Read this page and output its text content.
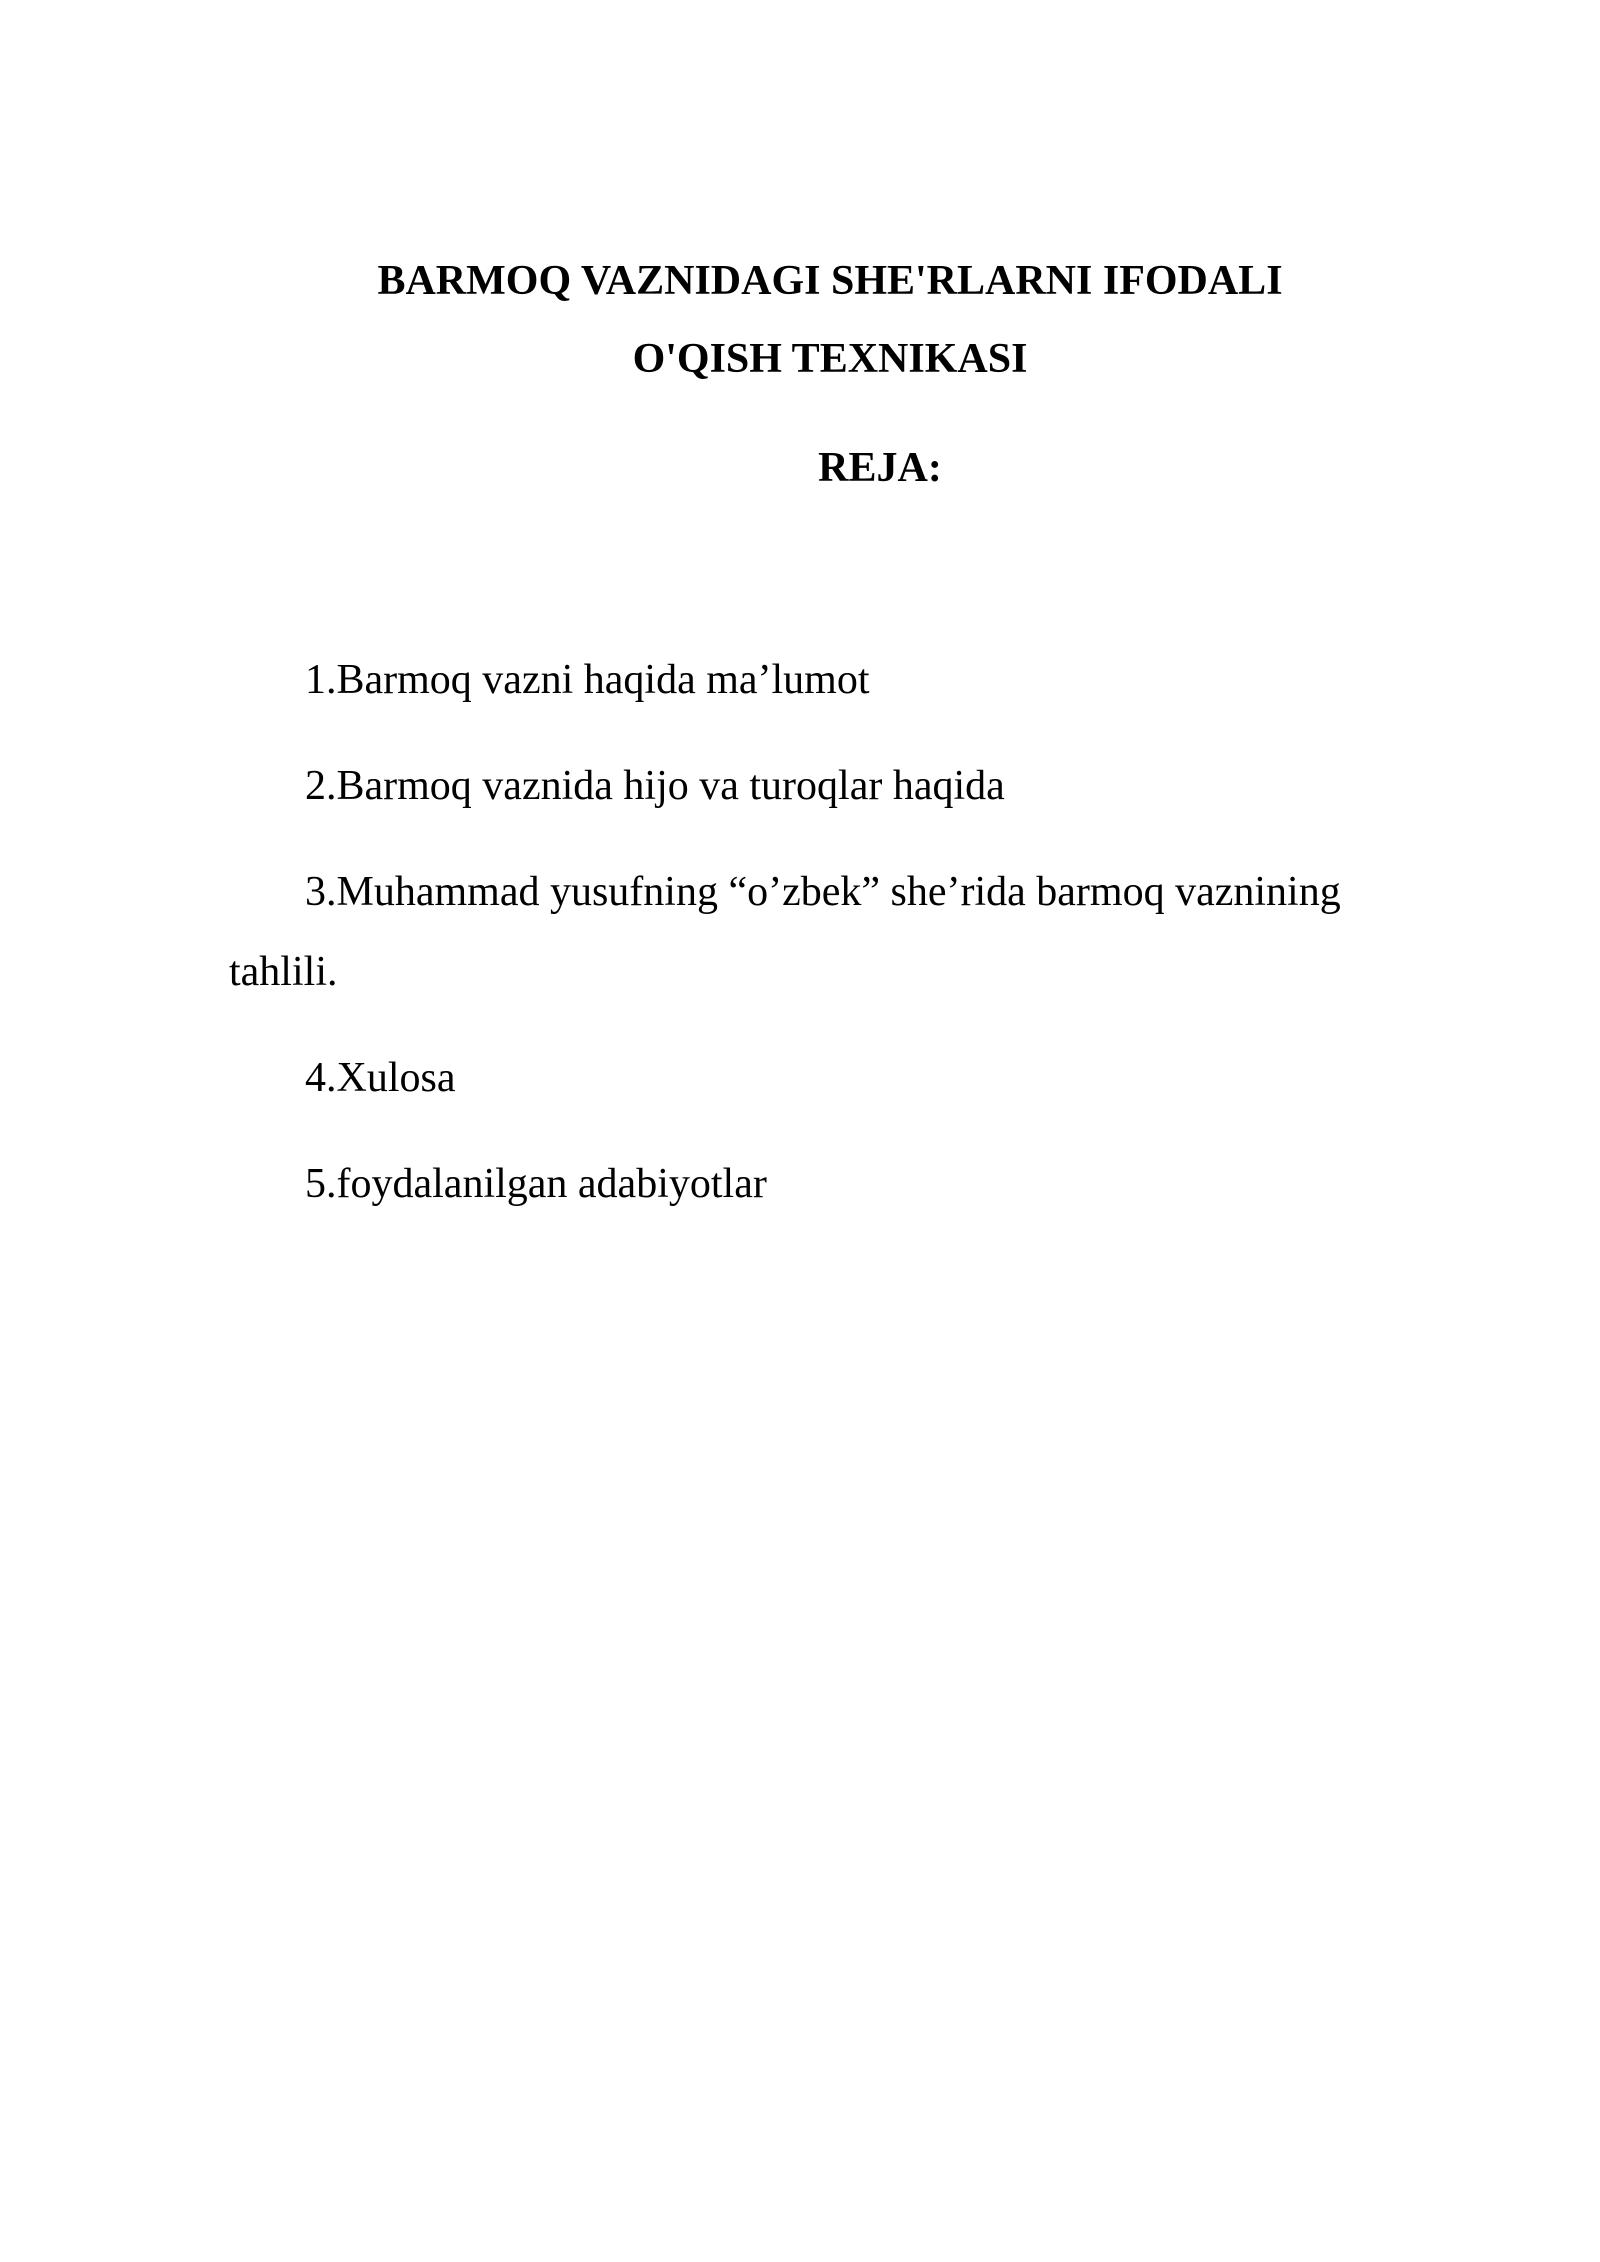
BARMOQ VAZNIDAGI SHE'RLARNI IFODALI
O'QISH TEXNIKASI
REJA:
1.Barmoq vazni haqida ma’lumot
2.Barmoq vaznida hijo va turoqlar haqida
3.Muhammad yusufning “o’zbek” she’rida barmoq vaznining
tahlili.
4.Xulosa
5.foydalanilgan adabiyotlar
